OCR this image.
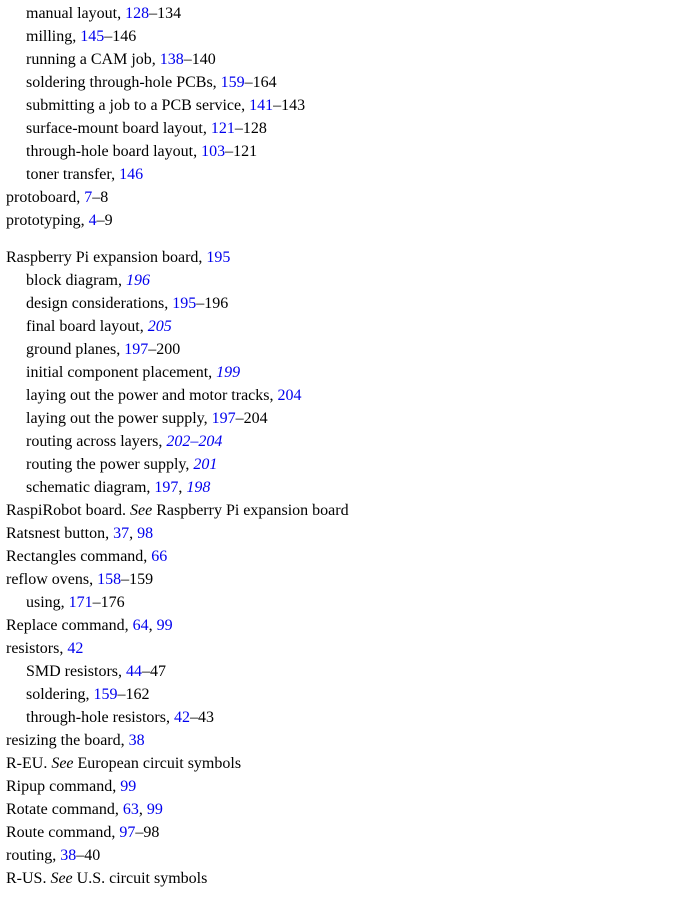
manual layout, 128–134
milling, 145–146
running a CAM job, 138–140
soldering through-hole PCBs, 159–164
submitting a job to a PCB service, 141–143
surface-mount board layout, 121–128
through-hole board layout, 103–121
toner transfer, 146
protoboard, 7–8
prototyping, 4–9
Raspberry Pi expansion board, 195
block diagram, 196
design considerations, 195–196
final board layout, 205
ground planes, 197–200
initial component placement, 199
laying out the power and motor tracks, 204
laying out the power supply, 197–204
routing across layers, 202–204
routing the power supply, 201
schematic diagram, 197, 198
RaspiRobot board. See Raspberry Pi expansion board
Ratsnest button, 37, 98
Rectangles command, 66
reflow ovens, 158–159
using, 171–176
Replace command, 64, 99
resistors, 42
SMD resistors, 44–47
soldering, 159–162
through-hole resistors, 42–43
resizing the board, 38
R-EU. See European circuit symbols
Ripup command, 99
Rotate command, 63, 99
Route command, 97–98
routing, 38–40
R-US. See U.S. circuit symbols
